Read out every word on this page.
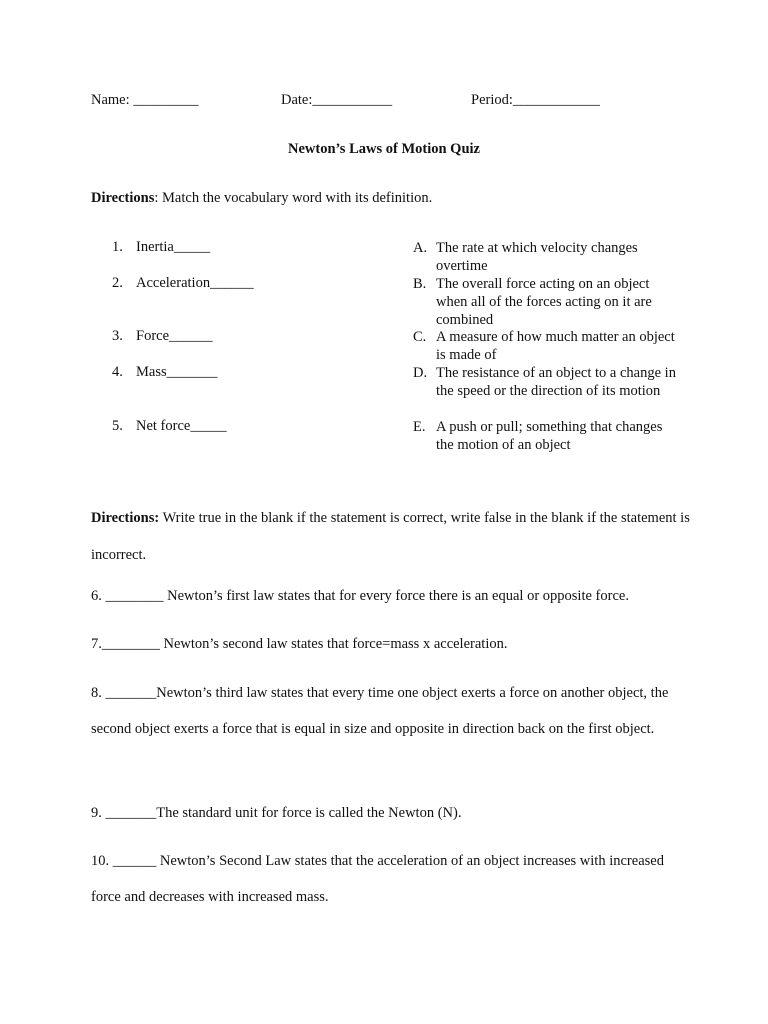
Name: _________	Date:___________	Period:____________
Newton’s Laws of Motion Quiz
Directions: Match the vocabulary word with its definition.
1. Inertia_____
2. Acceleration______
3. Force______
4. Mass_______
5. Net force_____
A. The rate at which velocity changes overtime
B. The overall force acting on an object when all of the forces acting on it are combined
C. A measure of how much matter an object is made of
D. The resistance of an object to a change in the speed or the direction of its motion
E. A push or pull; something that changes the motion of an object
Directions: Write true in the blank if the statement is correct, write false in the blank if the statement is incorrect.
6. ________ Newton’s first law states that for every force there is an equal or opposite force.
7.________ Newton’s second law states that force=mass x acceleration.
8. _______Newton’s third law states that every time one object exerts a force on another object, the second object exerts a force that is equal in size and opposite in direction back on the first object.
9. _______The standard unit for force is called the Newton (N).
10. ______ Newton’s Second Law states that the acceleration of an object increases with increased force and decreases with increased mass.
